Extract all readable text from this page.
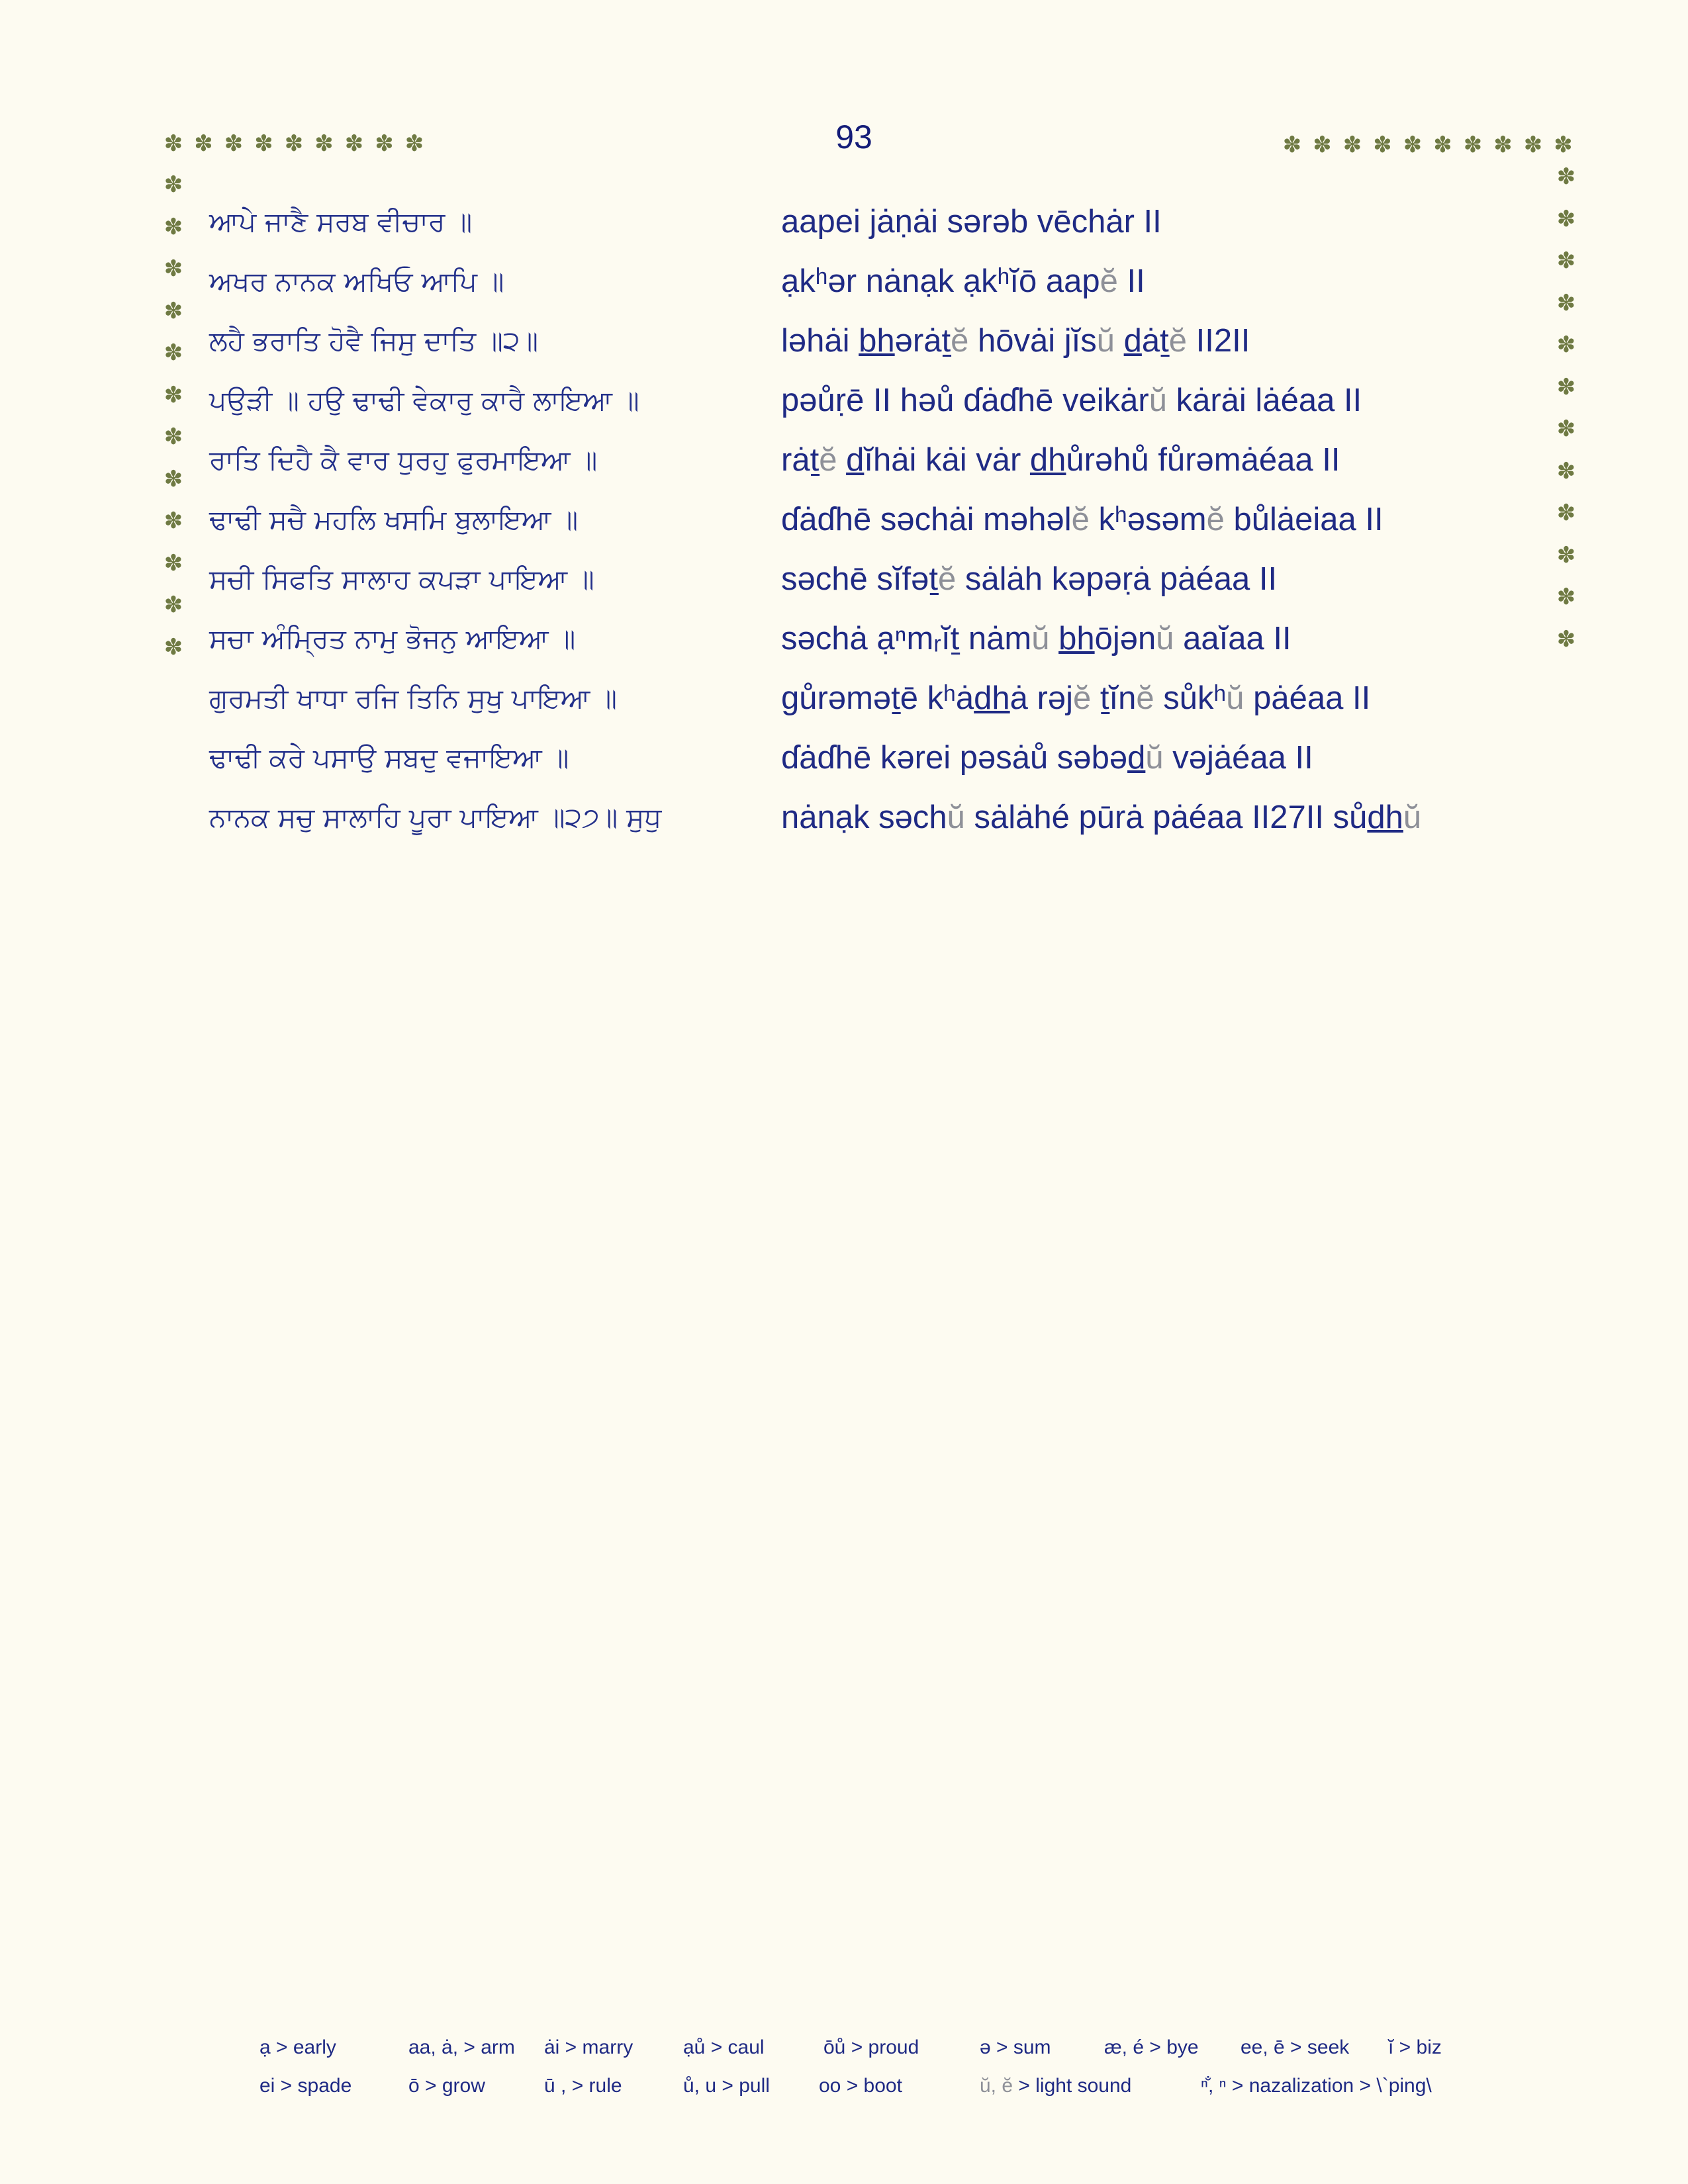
✽ ✽ ✽ ✽ ✽ ✽ ✽ ✽ ✽	✽ ✽ ✽ ✽ ✽ ✽ ✽ ✽ ✽ ✽
✽
✽
✽
✽
✽
✽
✽
✽
✽
✽
✽
✽
✽
✽
✽
✽
✽
✽
✽
✽
✽
✽
✽
✽
93
ਆਪੇ ਜਾਣੈ ਸਰਬ ਵੀਚਾਰ ॥	aapei jȧṇȧi sərəb vēchȧr II
ਅਖਰ ਨਾਨਕ ਅਖਿਓ ਆਪਿ ॥	ạkʰər nȧnạk ạkʰĭō aapĕ II
ਲਹੈ ਭਰਾਤਿ ਹੋਵੈ ਜਿਸੁ ਦਾਤਿ ॥੨॥	ləhȧi bhərȧṯĕ hōvȧi jĭsŭ dȧṯĕ II2II
ਪਉੜੀ ॥ ਹਉ ਢਾਢੀ ਵੇਕਾਰੁ ਕਾਰੈ ਲਾਇਆ ॥	pəůṛē II həů ɗȧɗhē veikȧrŭ kȧrȧi lȧéaa II
ਰਾਤਿ ਦਿਹੈ ਕੈ ਵਾਰ ਧੁਰਹੁ ਫੁਰਮਾਇਆ ॥	rȧṯĕ dĭhȧi kȧi vȧr dhůrəhů fůrəmȧéaa II
ਢਾਢੀ ਸਚੈ ਮਹਲਿ ਖਸਮਿ ਬੁਲਾਇਆ ॥	ɗȧɗhē səchȧi məhəlĕ kʰəsəmĕ bůlȧeiaa II
ਸਚੀ ਸਿਫਤਿ ਸਾਲਾਹ ਕਪੜਾ ਪਾਇਆ ॥	səchē sĭfəṯĕ sȧlȧh kəpəṛȧ pȧéaa II
ਸਚਾ ਅੰਮ੍ਰਿਤ ਨਾਮੁ ਭੋਜਨੁ ਆਇਆ ॥	səchȧ ạⁿmᵣĭṯ nȧmŭ bhōjənŭ aaĭaa II
ਗੁਰਮਤੀ ਖਾਧਾ ਰਜਿ ਤਿਨਿ ਸੁਖੁ ਪਾਇਆ ॥	gůrəməṯē kʰȧdhȧ rəjĕ ṯĭnĕ sůkʰŭ pȧéaa II
ਢਾਢੀ ਕਰੇ ਪਸਾਉ ਸਬਦੁ ਵਜਾਇਆ ॥	ɗȧɗhē kərei pəsȧů səbədŭ vəjȧéaa II
ਨਾਨਕ ਸਚੁ ਸਾਲਾਹਿ ਪੂਰਾ ਪਾਇਆ ॥੨੭॥ ਸੁਧੁ	nȧnạk səchŭ sȧlȧhé pūrȧ pȧéaa II27II sůdhŭ
ạ > early	aa, ȧ, > arm ȧi > marry	ạů > caul	ōů > proud	ə > sum	æ, é > bye ee, ē > seek ĭ > biz
ei > spade	ō > grow	ū , > rule	ů, u > pull oo > boot	ŭ, ĕ > light sound	ⁿ̐, ⁿ > nazalization > \`ping\
